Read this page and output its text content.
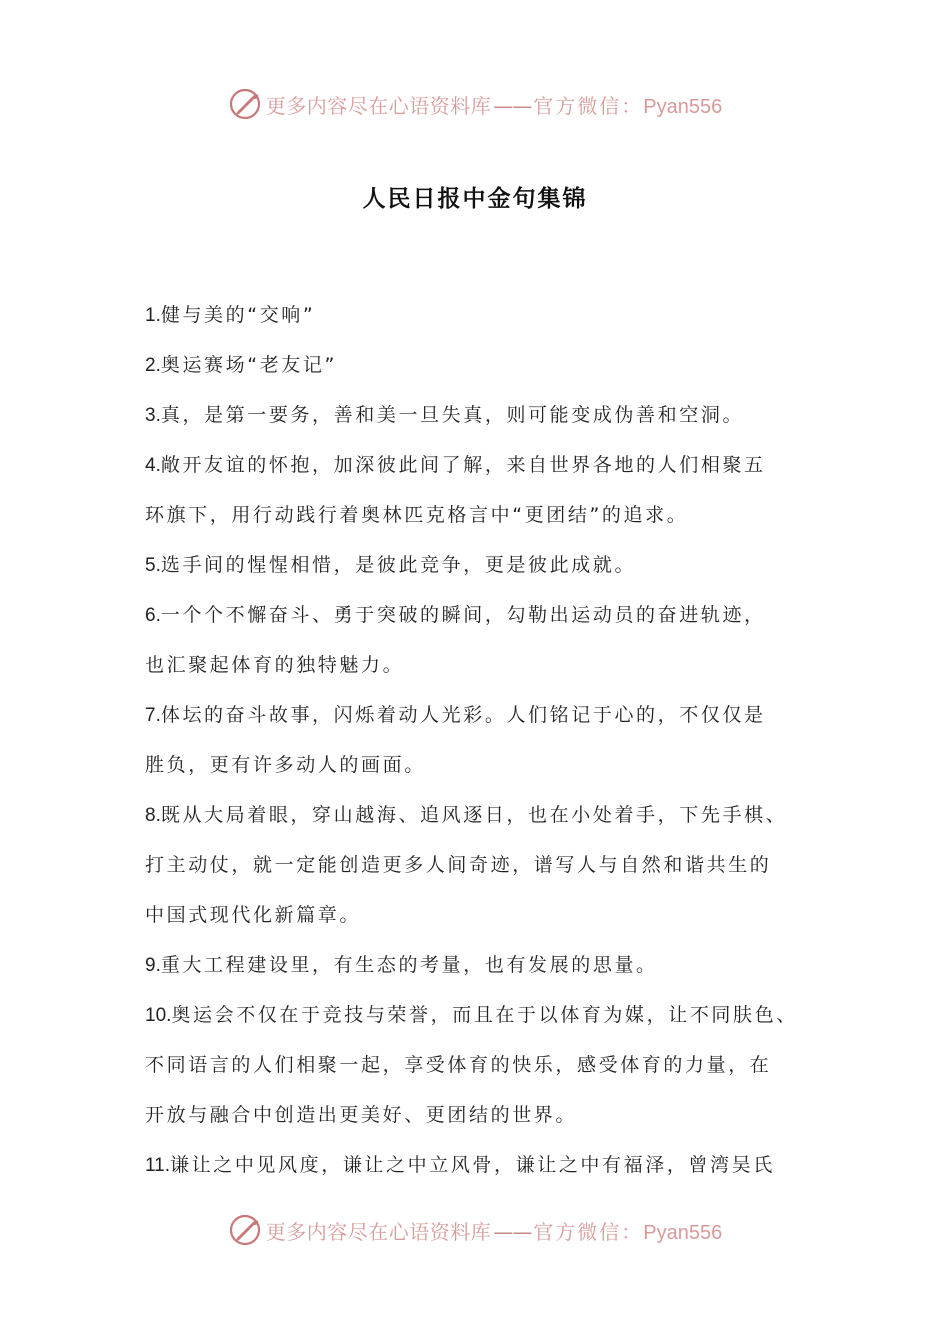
更多内容尽在心语资料库 —— 官方微信： Pyan556
人民日报中金句集锦
1.健与美的“交响”
2.奥运赛场“老友记”
3.真，是第一要务，善和美一旦失真，则可能变成伪善和空洞。
4.敞开友谊的怀抱，加深彼此间了解，来自世界各地的人们相聚五
环旗下，用行动践行着奥林匹克格言中“更团结”的追求。
5.选手间的惺惺相惜，是彼此竞争，更是彼此成就。
6.一个个不懈奋斗、勇于突破的瞬间，勾勒出运动员的奋进轨迹，
也汇聚起体育的独特魅力。
7.体坛的奋斗故事，闪烁着动人光彩。人们铭记于心的，不仅仅是
胜负，更有许多动人的画面。
8.既从大局着眼，穿山越海、追风逐日，也在小处着手，下先手棋、
打主动仗，就一定能创造更多人间奇迹，谱写人与自然和谐共生的
中国式现代化新篇章。
9.重大工程建设里，有生态的考量，也有发展的思量。
10.奥运会不仅在于竞技与荣誉，而且在于以体育为媒，让不同肤色、
不同语言的人们相聚一起，享受体育的快乐，感受体育的力量，在
开放与融合中创造出更美好、更团结的世界。
11.谦让之中见风度，谦让之中立风骨，谦让之中有福泽，曾湾吴氏
更多内容尽在心语资料库 —— 官方微信： Pyan556
